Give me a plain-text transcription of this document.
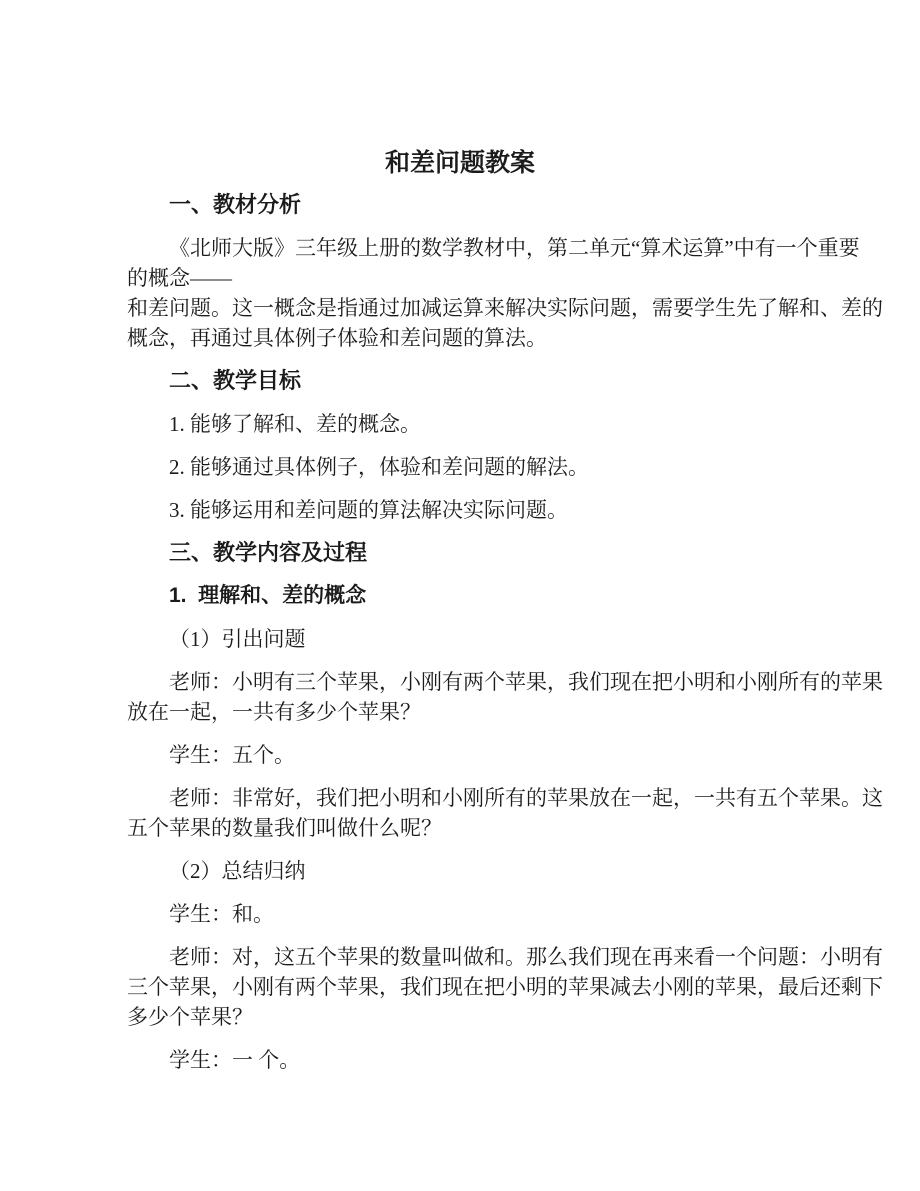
和差问题教案
一、教材分析
《北师大版》三年级上册的数学教材中，第二单元“算术运算”中有一个重要
的概念——
和差问题。这一概念是指通过加减运算来解决实际问题，需要学生先了解和、差的
概念，再通过具体例子体验和差问题的算法。
二、教学目标
1. 能够了解和、差的概念。
2. 能够通过具体例子，体验和差问题的解法。
3. 能够运用和差问题的算法解决实际问题。
三、教学内容及过程
1.  理解和、差的概念
（1）引出问题
老师：小明有三个苹果，小刚有两个苹果，我们现在把小明和小刚所有的苹果
放在一起，一共有多少个苹果？
学生：五个。
老师：非常好，我们把小明和小刚所有的苹果放在一起，一共有五个苹果。这
五个苹果的数量我们叫做什么呢？
（2）总结归纳
学生：和。
老师：对，这五个苹果的数量叫做和。那么我们现在再来看一个问题：小明有
三个苹果，小刚有两个苹果，我们现在把小明的苹果减去小刚的苹果，最后还剩下
多少个苹果？
学生：一 个。
